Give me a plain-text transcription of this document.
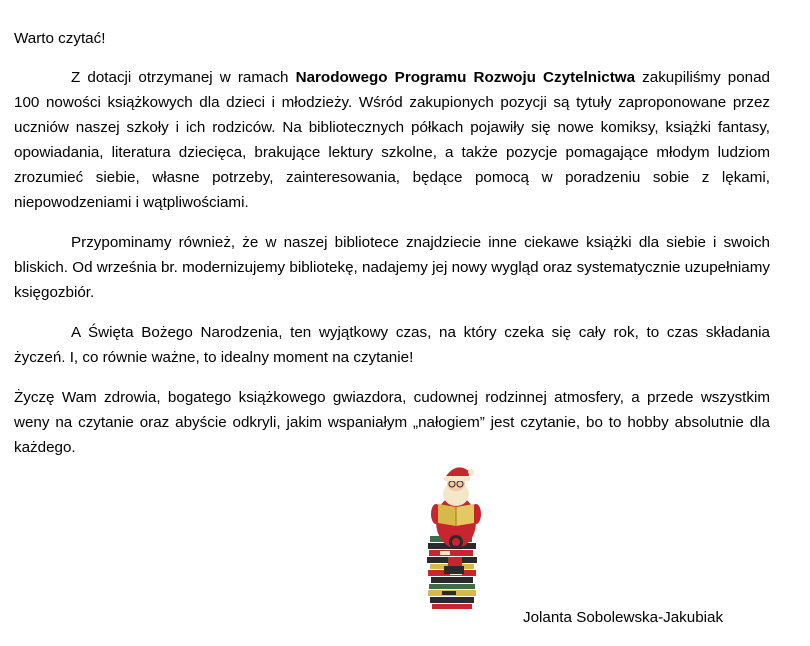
Warto czytać!

Z dotacji otrzymanej w ramach Narodowego Programu Rozwoju Czytelnictwa zakupiliśmy ponad 100 nowości książkowych dla dzieci i młodzieży. Wśród zakupionych pozycji są tytuły zaproponowane przez uczniów naszej szkoły i ich rodziców. Na bibliotecznych półkach pojawiły się nowe komiksy, książki fantasy, opowiadania, literatura dziecięca, brakujące lektury szkolne, a także pozycje pomagające młodym ludziom zrozumieć siebie, własne potrzeby, zainteresowania, będące pomocą w poradzeniu sobie z lękami, niepowodzeniami i wątpliwościami.

Przypominamy również, że w naszej bibliotece znajdziecie inne ciekawe książki dla siebie i swoich bliskich. Od września br. modernizujemy bibliotekę, nadajemy jej nowy wygląd oraz systematycznie uzupełniamy księgozbiór.

A Święta Bożego Narodzenia, ten wyjątkowy czas, na który czeka się cały rok, to czas składania życzeń. I, co równie ważne, to idealny moment na czytanie!

Życzę Wam zdrowia, bogatego książkowego gwiazdora, cudownej rodzinnej atmosfery, a przede wszystkim weny na czytanie oraz abyście odkryli, jakim wspaniałym „nałogiem” jest czytanie, bo to hobby absolutnie dla każdego.

Jolanta Sobolewska-Jakubiak
